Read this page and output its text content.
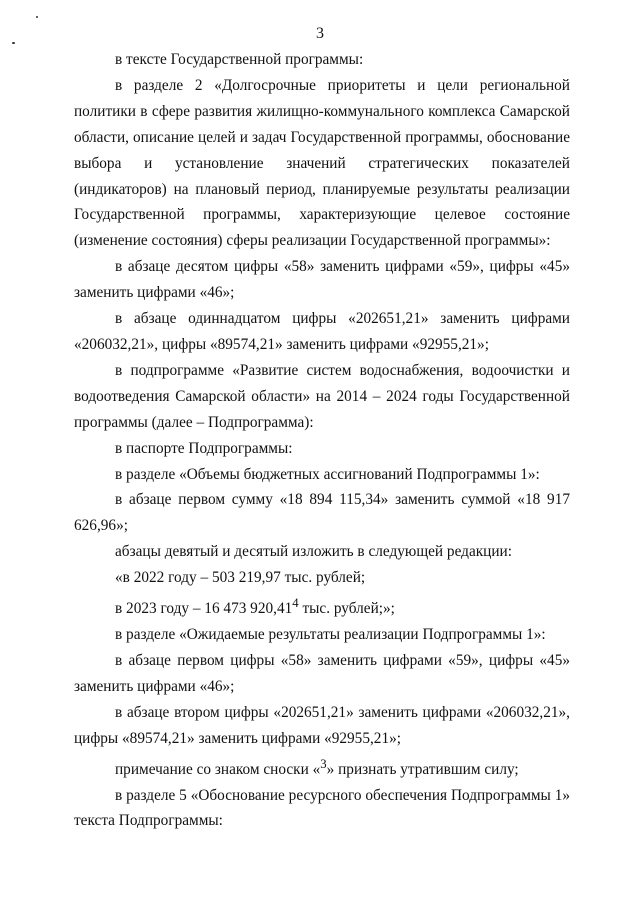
3

в тексте Государственной программы:

в разделе 2 «Долгосрочные приоритеты и цели региональной политики в сфере развития жилищно-коммунального комплекса Самарской области, описание целей и задач Государственной программы, обоснование выбора и установление значений стратегических показателей (индикаторов) на плановый период, планируемые результаты реализации Государственной программы, характеризующие целевое состояние (изменение состояния) сферы реализации Государственной программы»:

в абзаце десятом цифры «58» заменить цифрами «59», цифры «45» заменить цифрами «46»;

в абзаце одиннадцатом цифры «202651,21» заменить цифрами «206032,21», цифры «89574,21» заменить цифрами «92955,21»;

в подпрограмме «Развитие систем водоснабжения, водоочистки и водоотведения Самарской области» на 2014 – 2024 годы Государственной программы (далее – Подпрограмма):

в паспорте Подпрограммы:

в разделе «Объемы бюджетных ассигнований Подпрограммы 1»:

в абзаце первом сумму «18 894 115,34» заменить суммой «18 917 626,96»;

абзацы девятый и десятый изложить в следующей редакции:

«в 2022 году – 503 219,97 тыс. рублей;

в 2023 году – 16 473 920,41$^4$ тыс. рублей;»;

в разделе «Ожидаемые результаты реализации Подпрограммы 1»:

в абзаце первом цифры «58» заменить цифрами «59», цифры «45» заменить цифрами «46»;

в абзаце втором цифры «202651,21» заменить цифрами «206032,21», цифры «89574,21» заменить цифрами «92955,21»;

примечание со знаком сноски «$^3$» признать утратившим силу;

в разделе 5 «Обоснование ресурсного обеспечения Подпрограммы 1» текста Подпрограммы:
